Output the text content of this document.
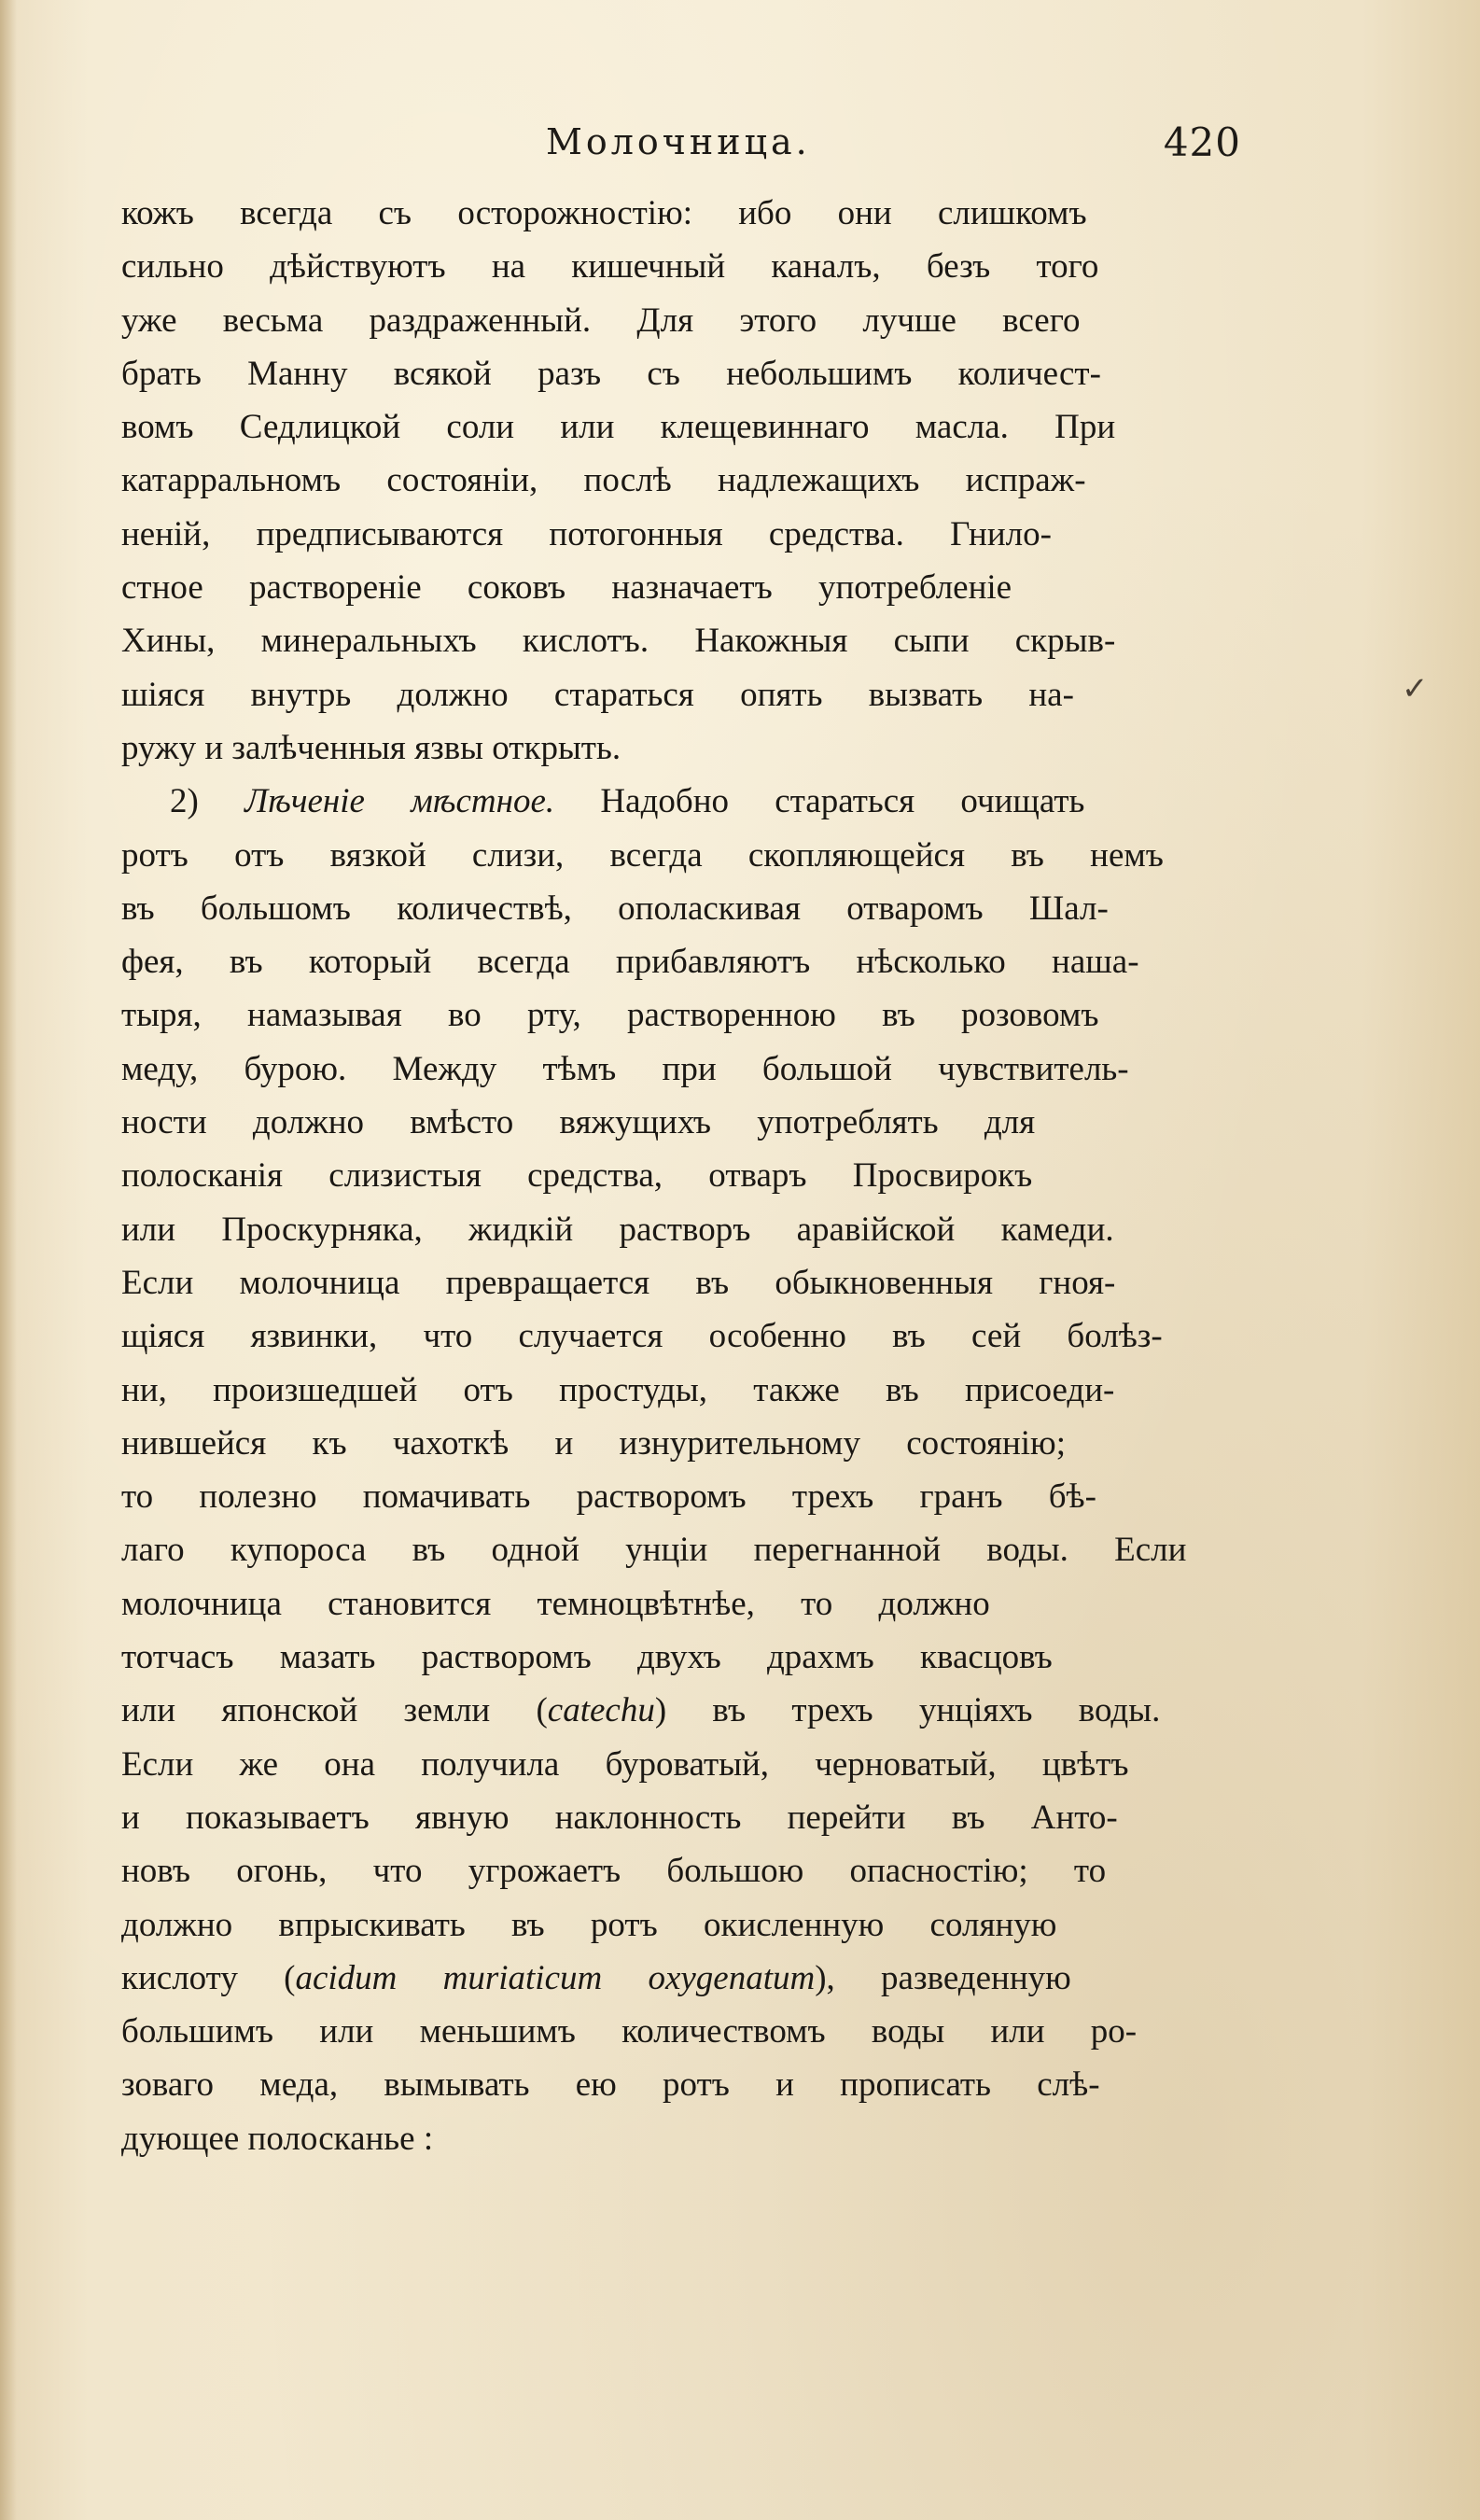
Молочница.	420
кожъ всегда съ осторожностію: ибо они слишкомъ
сильно дѣйствуютъ на кишечный каналъ, безъ того
уже весьма раздраженный. Для этого лучше всего
брать Манну всякой разъ съ небольшимъ количест-
вомъ Седлицкой соли или клещевиннаго масла. При
катарральномъ состояніи, послѣ надлежащихъ испраж-
неній, предписываются потогонныя средства. Гнило-
стное раствореніе соковъ назначаетъ употребленіе
Хины, минеральныхъ кислотъ. Накожныя сыпи скрыв-
шіяся внутрь должно стараться опять вызвать на-
ружу и залѣченныя язвы открыть.
2) Лѣченіе мѣстное. Надобно стараться очищать
ротъ отъ вязкой слизи, всегда скопляющейся въ немъ
въ большомъ количествѣ, ополаскивая отваромъ Шал-
фея, въ который всегда прибавляютъ нѣсколько наша-
тыря, намазывая во рту, растворенною въ розовомъ
меду, бурою. Между тѣмъ при большой чувствитель-
ности должно вмѣсто вяжущихъ употреблять для
полосканія слизистыя средства, отваръ Просвирокъ
или Проскурняка, жидкій растворъ аравійской камеди.
Если молочница превращается въ обыкновенныя гноя-
щіяся язвинки, что случается особенно въ сей болѣз-
ни, произшедшей отъ простуды, также въ присоеди-
нившейся къ чахоткѣ и изнурительному состоянію;
то полезно помачивать растворомъ трехъ гранъ бѣ-
лаго купороса въ одной унціи перегнанной воды. Если
молочница становится темноцвѣтнѣе, то должно
тотчасъ мазать растворомъ двухъ драхмъ квасцовъ
или японской земли (catechu) въ трехъ унціяхъ воды.
Если же она получила буроватый, черноватый, цвѣтъ
и показываетъ явную наклонность перейти въ Анто-
новъ огонь, что угрожаетъ большою опасностію; то
должно впрыскивать въ ротъ окисленную соляную
кислоту (acidum muriaticum oxygenatum), разведенную
большимъ или меньшимъ количествомъ воды или ро-
зоваго меда, вымывать ею ротъ и прописать слѣ-
дующее полосканье :
✓
